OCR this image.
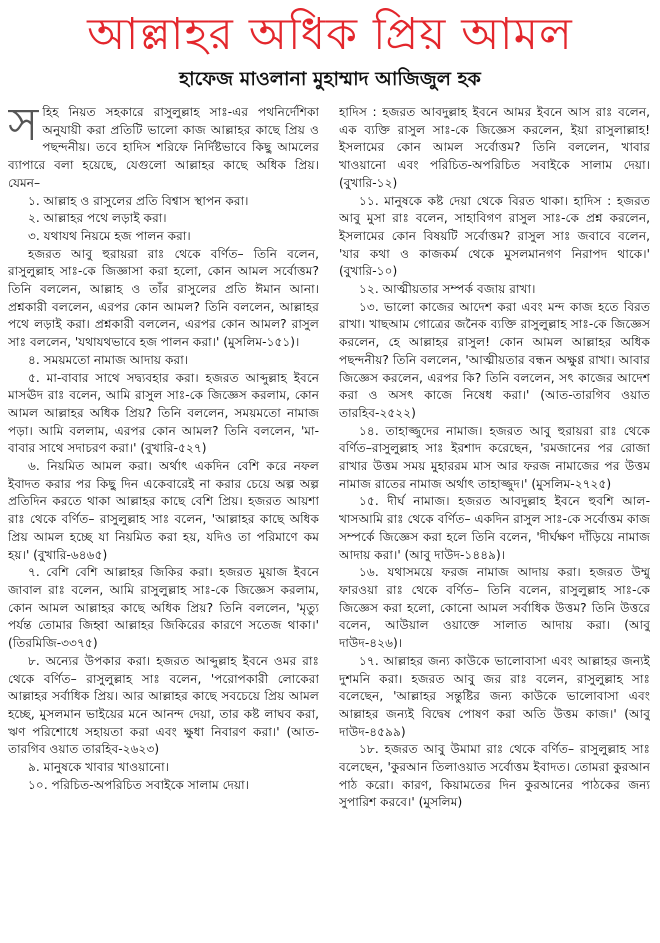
আল্লাহর অধিক প্রিয় আমল
হাফেজ মাওলানা মুহাম্মাদ আজিজুল হক

সহিহ নিয়ত সহকারে রাসুলুল্লাহ সাঃ-এর পথনির্দেশিকা অনুযায়ী করা প্রতিটি ভালো কাজ আল্লাহর কাছে প্রিয় ও পছন্দনীয়। তবে হাদিস শরিফে নির্দিষ্টভাবে কিছু আমলের ব্যাপারে বলা হয়েছে, যেগুলো আল্লাহর কাছে অধিক প্রিয়। যেমন–

১. আল্লাহ ও রাসুলের প্রতি বিশ্বাস স্থাপন করা।

২. আল্লাহর পথে লড়াই করা।

৩. যথাযথ নিয়মে হজ পালন করা।

হজরত আবু হুরায়রা রাঃ থেকে বর্ণিত– তিনি বলেন, রাসুলুল্লাহ সাঃ-কে জিজ্ঞাসা করা হলো, কোন আমল সর্বোত্তম? তিনি বললেন, আল্লাহ ও তাঁর রাসুলের প্রতি ঈমান আনা। প্রশ্নকারী বললেন, এরপর কোন আমল? তিনি বললেন, আল্লাহর পথে লড়াই করা। প্রশ্নকারী বললেন, এরপর কোন আমল? রাসুল সাঃ বললেন, 'যথাযথভাবে হজ পালন করা।' (মুসলিম-১৫১)।

৪. সময়মতো নামাজ আদায় করা।

৫. মা-বাবার সাথে সদ্ব্যবহার করা। হজরত আব্দুল্লাহ ইবনে মাসঊদ রাঃ বলেন, আমি রাসুল সাঃ-কে জিজ্ঞেস করলাম, কোন আমল আল্লাহর অধিক প্রিয়? তিনি বললেন, সময়মতো নামাজ পড়া। আমি বললাম, এরপর কোন আমল? তিনি বললেন, 'মা-বাবার সাথে সদাচরণ করা।' (বুখারি-৫২৭)

৬. নিয়মিত আমল করা। অর্থাৎ একদিন বেশি করে নফল ইবাদত করার পর কিছু দিন একেবারেই না করার চেয়ে অল্প অল্প প্রতিদিন করতে থাকা আল্লাহর কাছে বেশি প্রিয়। হজরত আয়শা রাঃ থেকে বর্ণিত– রাসুলুল্লাহ সাঃ বলেন, 'আল্লাহর কাছে অধিক প্রিয় আমল হচ্ছে যা নিয়মিত করা হয়, যদিও তা পরিমাণে কম হয়।' (বুখারি-৬৪৬৫)

৭. বেশি বেশি আল্লাহর জিকির করা। হজরত মুয়াজ ইবনে জাবাল রাঃ বলেন, আমি রাসুলুল্লাহ সাঃ-কে জিজ্ঞেস করলাম, কোন আমল আল্লাহর কাছে অধিক প্রিয়? তিনি বললেন, 'মৃত্যু পর্যন্ত তোমার জিহ্বা আল্লাহর জিকিরের কারণে সতেজ থাকা।' (তিরমিজি-৩৩৭৫)

৮. অন্যের উপকার করা। হজরত আব্দুল্লাহ ইবনে ওমর রাঃ থেকে বর্ণিত– রাসুলুল্লাহ সাঃ বলেন, 'পরোপকারী লোকেরা আল্লাহর সর্বাধিক প্রিয়। আর আল্লাহর কাছে সবচেয়ে প্রিয় আমল হচ্ছে, মুসলমান ভাইয়ের মনে আনন্দ দেয়া, তার কষ্ট লাঘব করা, ঋণ পরিশোধে সহায়তা করা এবং ক্ষুধা নিবারণ করা।' (আত-তারগিব ওয়াত তারহিব-২৬২৩)

৯. মানুষকে খাবার খাওয়ানো।

১০. পরিচিত-অপরিচিত সবাইকে সালাম দেয়া।

হাদিস : হজরত আবদুল্লাহ ইবনে আমর ইবনে আস রাঃ বলেন, এক ব্যক্তি রাসুল সাঃ-কে জিজ্ঞেস করলেন, ইয়া রাসুলাল্লাহ! ইসলামের কোন আমল সর্বোত্তম? তিনি বললেন, খাবার খাওয়ানো এবং পরিচিত-অপরিচিত সবাইকে সালাম দেয়া। (বুখারি-১২)

১১. মানুষকে কষ্ট দেয়া থেকে বিরত থাকা। হাদিস : হজরত আবু মুসা রাঃ বলেন, সাহাবিগণ রাসুল সাঃ-কে প্রশ্ন করলেন, ইসলামের কোন বিষয়টি সর্বোত্তম? রাসুল সাঃ জবাবে বলেন, 'যার কথা ও কাজকর্ম থেকে মুসলমানগণ নিরাপদ থাকে।' (বুখারি-১০)

১২. আত্মীয়তার সম্পর্ক বজায় রাখা।

১৩. ভালো কাজের আদেশ করা এবং মন্দ কাজ হতে বিরত রাখা। খাছআম গোত্রের জনৈক ব্যক্তি রাসুলুল্লাহ সাঃ-কে জিজ্ঞেস করলেন, হে আল্লাহর রাসুল! কোন আমল আল্লাহর অধিক পছন্দনীয়? তিনি বললেন, 'আত্মীয়তার বন্ধন অক্ষুণ্ণ রাখা। আবার জিজ্ঞেস করলেন, এরপর কি? তিনি বললেন, সৎ কাজের আদেশ করা ও অসৎ কাজে নিষেধ করা।' (আত-তারগিব ওয়াত তারহিব-২৫২২)

১৪. তাহাজ্জুদের নামাজ। হজরত আবু হুরায়রা রাঃ থেকে বর্ণিত–রাসুলুল্লাহ সাঃ ইরশাদ করেছেন, 'রমজানের পর রোজা রাখার উত্তম সময় মুহাররম মাস আর ফরজ নামাজের পর উত্তম নামাজ রাতের নামাজ অর্থাৎ তাহাজ্জুদ।' (মুসলিম-২৭২৫)

১৫. দীর্ঘ নামাজ। হজরত আবদুল্লাহ ইবনে হুবশি আল-খাসআমি রাঃ থেকে বর্ণিত– একদিন রাসুল সাঃ-কে সর্বোত্তম কাজ সম্পর্কে জিজ্ঞেস করা হলে তিনি বলেন, 'দীর্ঘক্ষণ দাঁড়িয়ে নামাজ আদায় করা।' (আবু দাউদ-১৪৪৯)।

১৬. যথাসময়ে ফরজ নামাজ আদায় করা। হজরত উম্মু ফারওয়া রাঃ থেকে বর্ণিত– তিনি বলেন, রাসুলুল্লাহ সাঃ-কে জিজ্ঞেস করা হলো, কোনো আমল সর্বাধিক উত্তম? তিনি উত্তরে বলেন, আউয়াল ওয়াক্তে সালাত আদায় করা। (আবু দাউদ-৪২৬)।

১৭. আল্লাহর জন্য কাউকে ভালোবাসা এবং আল্লাহর জন্যই দুশমনি করা। হজরত আবু জর রাঃ বলেন, রাসুলুল্লাহ সাঃ বলেছেন, 'আল্লাহর সন্তুষ্টির জন্য কাউকে ভালোবাসা এবং আল্লাহর জন্যই বিদ্বেষ পোষণ করা অতি উত্তম কাজ।' (আবু দাউদ-৪৫৯৯)

১৮. হজরত আবু উমামা রাঃ থেকে বর্ণিত– রাসুলুল্লাহ সাঃ বলেছেন, 'কুরআন তিলাওয়াত সর্বোত্তম ইবাদত। তোমরা কুরআন পাঠ করো। কারণ, কিয়ামতের দিন কুরআনের পাঠকের জন্য সুপারিশ করবে।' (মুসলিম)
